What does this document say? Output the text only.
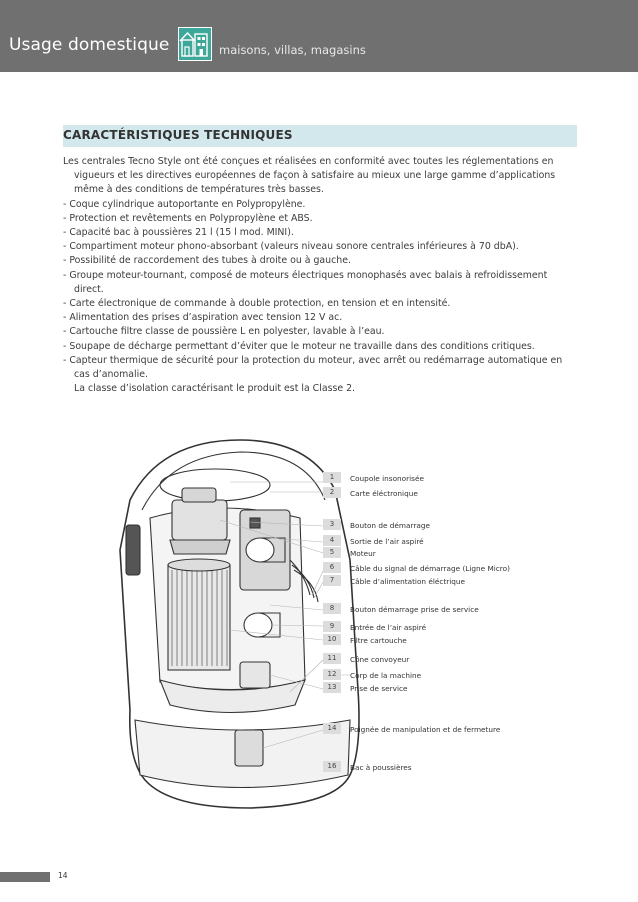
Usage domestique	maisons, villas, magasins
CARACTÉRISTIQUES TECHNIQUES

Les centrales Tecno Style ont été conçues et réalisées en conformité avec toutes les réglementations en vigueurs et les directives européennes de façon à satisfaire au mieux une large gamme d’applications même à des conditions de températures très basses.

- Coque cylindrique autoportante en Polypropylène.

- Protection et revêtements en Polypropylène et ABS.

- Capacité bac à poussières 21 l (15 l mod. MINI).

- Compartiment moteur phono-absorbant (valeurs niveau sonore centrales inférieures à 70 dbA).

- Possibilité de raccordement des tubes à droite ou à gauche.

- Groupe moteur-tournant, composé de moteurs électriques monophasés avec balais à refroidissement direct.

- Carte électronique de commande à double protection, en tension et en intensité.

- Alimentation des prises d’aspiration avec tension 12 V ac.

- Cartouche filtre classe de poussière L en polyester, lavable à l’eau.

- Soupape de décharge permettant d’éviter que le moteur ne travaille dans des conditions critiques.

- Capteur thermique de sécurité pour la protection du moteur, avec arrêt ou redémarrage automatique en cas d’anomalie.

La classe d’isolation caractérisant le produit est la Classe 2.

1	Coupole insonorisée
2	Carte éléctronique
3	Bouton de démarrage
4	Sortie de l’air aspiré
5	Moteur
6	Câble du signal de démarrage (Ligne Micro)
7	Câble d’alimentation éléctrique
8	Bouton démarrage prise de service
9	Entrée de l’air aspiré
10	Filtre cartouche
11	Cône convoyeur
12	Corp de la machine
13	Prise de service
14	Poignée de manipulation et de fermeture
16	Bac à poussières
14
